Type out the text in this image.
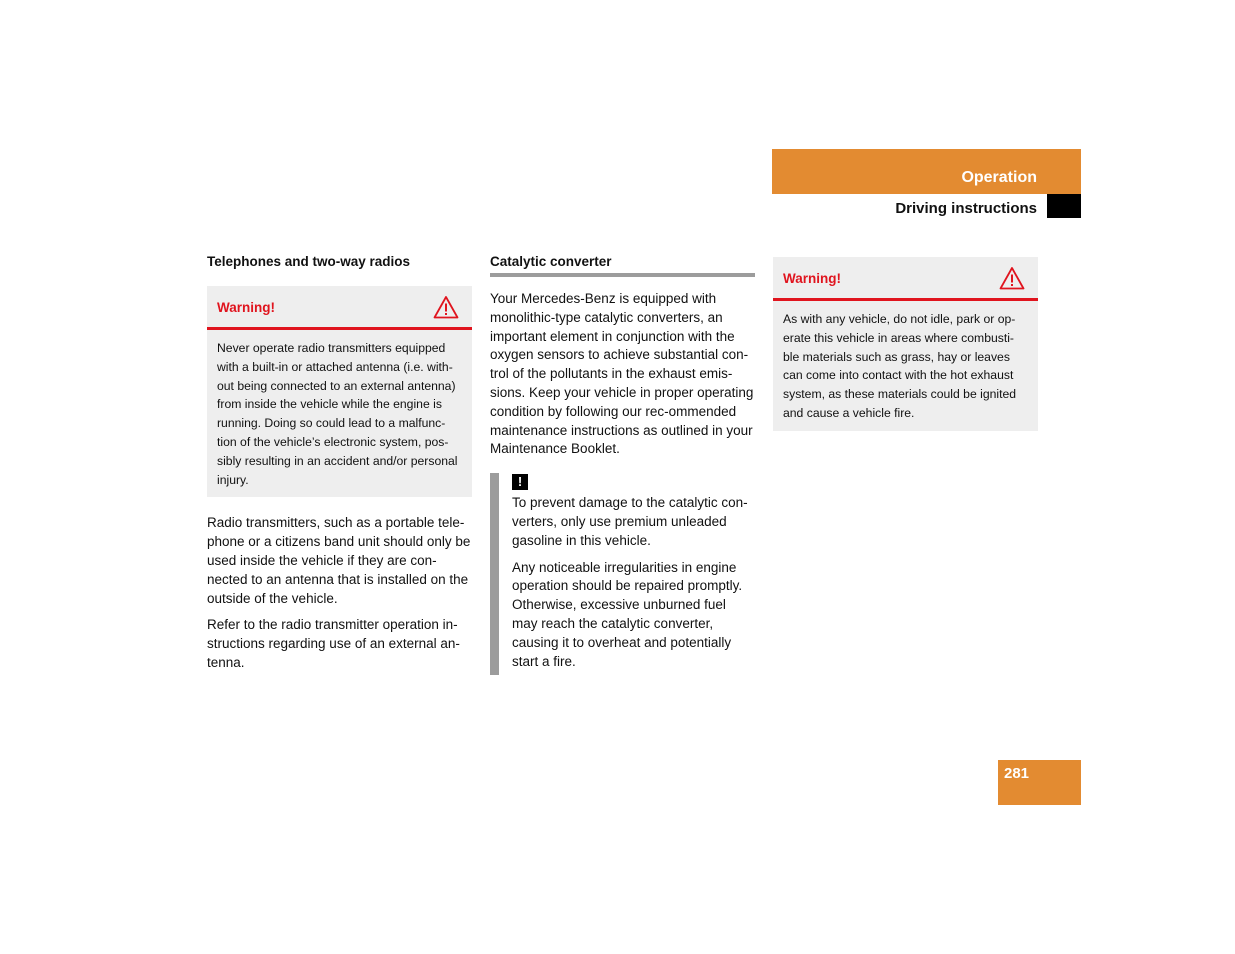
Operation
Driving instructions

Telephones and two-way radios

Warning!
Never operate radio transmitters equipped with a built-in or attached antenna (i.e. with-out being connected to an external antenna) from inside the vehicle while the engine is running. Doing so could lead to a malfunc-tion of the vehicle’s electronic system, pos-sibly resulting in an accident and/or personal injury.

Radio transmitters, such as a portable tele-phone or a citizens band unit should only be used inside the vehicle if they are con-nected to an antenna that is installed on the outside of the vehicle.

Refer to the radio transmitter operation in-structions regarding use of an external an-tenna.

Catalytic converter

Your Mercedes-Benz is equipped with monolithic-type catalytic converters, an important element in conjunction with the oxygen sensors to achieve substantial con-trol of the pollutants in the exhaust emis-sions. Keep your vehicle in proper operating condition by following our rec-ommended maintenance instructions as outlined in your Maintenance Booklet.

!

To prevent damage to the catalytic con-verters, only use premium unleaded gasoline in this vehicle.

Any noticeable irregularities in engine operation should be repaired promptly. Otherwise, excessive unburned fuel may reach the catalytic converter, causing it to overheat and potentially start a fire.

Warning!
As with any vehicle, do not idle, park or op-erate this vehicle in areas where combusti-ble materials such as grass, hay or leaves can come into contact with the hot exhaust system, as these materials could be ignited and cause a vehicle fire.
281
